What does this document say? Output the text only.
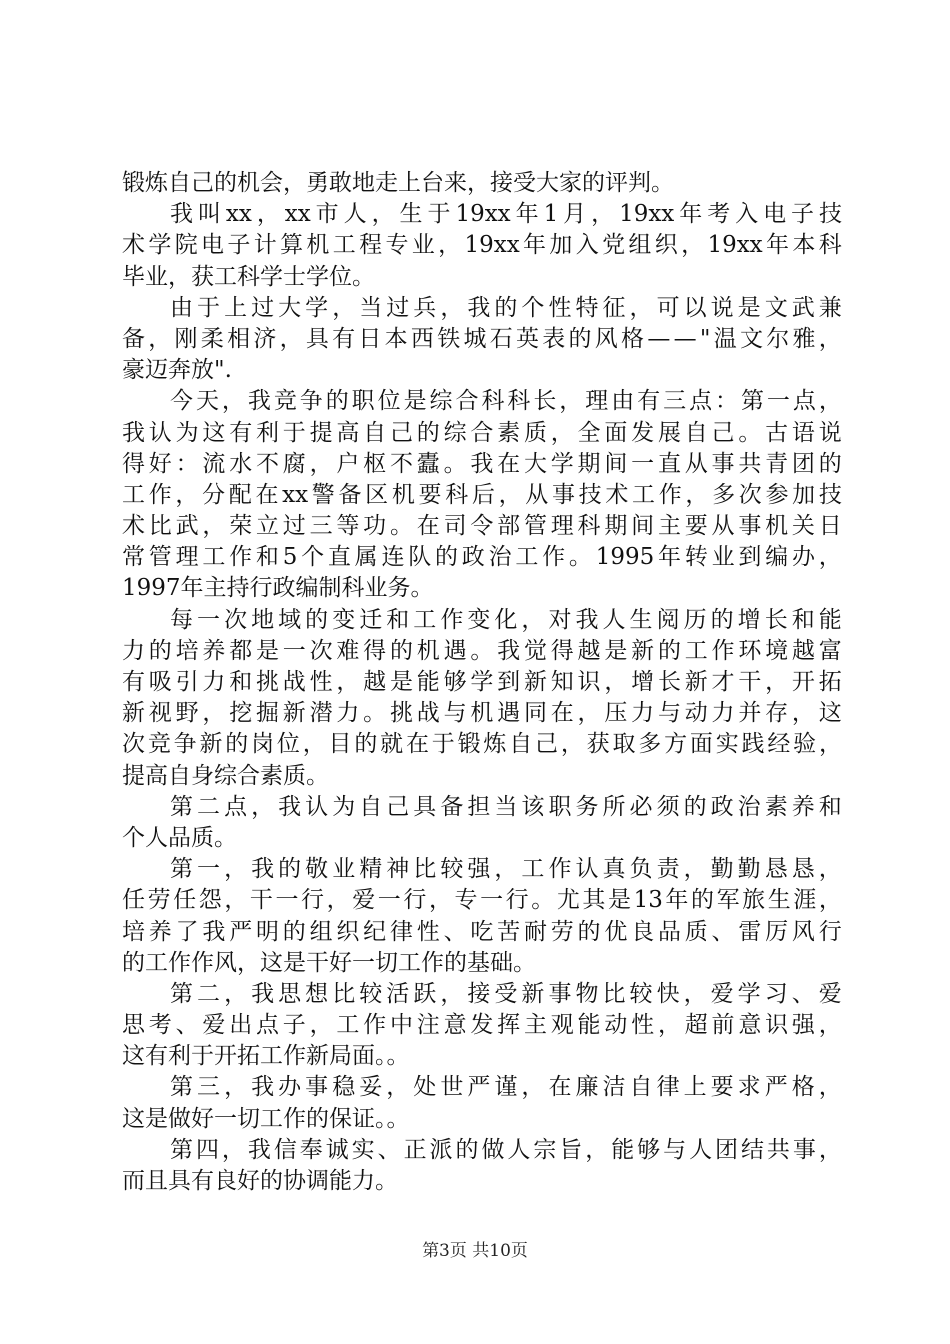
锻炼自己的机会，勇敢地走上台来，接受大家的评判。
我 叫 xx ， xx 市 人 ， 生 于 19xx 年 1 月 ， 19xx 年 考 入 电 子 技
术 学 院 电 子 计 算 机 工 程 专 业 ， 19xx 年 加 入 党 组 织 ， 19xx 年 本 科
毕业，获工科学士学位。
由 于 上 过 大 学 ， 当 过 兵 ， 我 的 个 性 特 征 ， 可 以 说 是 文 武 兼
备 ， 刚 柔 相 济 ， 具 有 日 本 西 铁 城 石 英 表 的 风 格 — — " 温 文 尔 雅 ，
豪迈奔放".
今 天 ， 我 竞 争 的 职 位 是 综 合 科 科 长 ， 理 由 有 三 点 ： 第 一 点 ，
我 认 为 这 有 利 于 提 高 自 己 的 综 合 素 质 ， 全 面 发 展 自 己 。 古 语 说
得 好 ： 流 水 不 腐 ， 户 枢 不 蠹 。 我 在 大 学 期 间 一 直 从 事 共 青 团 的
工 作 ， 分 配 在 xx 警 备 区 机 要 科 后 ， 从 事 技 术 工 作 ， 多 次 参 加 技
术 比 武 ， 荣 立 过 三 等 功 。 在 司 令 部 管 理 科 期 间 主 要 从 事 机 关 日
常 管 理 工 作 和 5 个 直 属 连 队 的 政 治 工 作 。 1995 年 转 业 到 编 办 ，
1997年主持行政编制科业务。
每 一 次 地 域 的 变 迁 和 工 作 变 化 ， 对 我 人 生 阅 历 的 增 长 和 能
力 的 培 养 都 是 一 次 难 得 的 机 遇 。 我 觉 得 越 是 新 的 工 作 环 境 越 富
有 吸 引 力 和 挑 战 性 ， 越 是 能 够 学 到 新 知 识 ， 增 长 新 才 干 ， 开 拓
新 视 野 ， 挖 掘 新 潜 力 。 挑 战 与 机 遇 同 在 ， 压 力 与 动 力 并 存 ， 这
次 竞 争 新 的 岗 位 ， 目 的 就 在 于 锻 炼 自 己 ， 获 取 多 方 面 实 践 经 验 ，
提高自身综合素质。
第 二 点 ， 我 认 为 自 己 具 备 担 当 该 职 务 所 必 须 的 政 治 素 养 和
个人品质。
第 一 ， 我 的 敬 业 精 神 比 较 强 ， 工 作 认 真 负 责 ， 勤 勤 恳 恳 ，
任 劳 任 怨 ， 干 一 行 ， 爱 一 行 ， 专 一 行 。 尤 其 是 13 年 的 军 旅 生 涯 ，
培 养 了 我 严 明 的 组 织 纪 律 性 、 吃 苦 耐 劳 的 优 良 品 质 、 雷 厉 风 行
的工作作风，这是干好一切工作的基础。
第 二 ， 我 思 想 比 较 活 跃 ， 接 受 新 事 物 比 较 快 ， 爱 学 习 、 爱
思 考 、 爱 出 点 子 ， 工 作 中 注 意 发 挥 主 观 能 动 性 ， 超 前 意 识 强 ，
这有利于开拓工作新局面。。
第 三 ， 我 办 事 稳 妥 ， 处 世 严 谨 ， 在 廉 洁 自 律 上 要 求 严 格 ，
这是做好一切工作的保证。。
第 四 ， 我 信 奉 诚 实 、 正 派 的 做 人 宗 旨 ， 能 够 与 人 团 结 共 事 ，
而且具有良好的协调能力。
第3页 共10页
